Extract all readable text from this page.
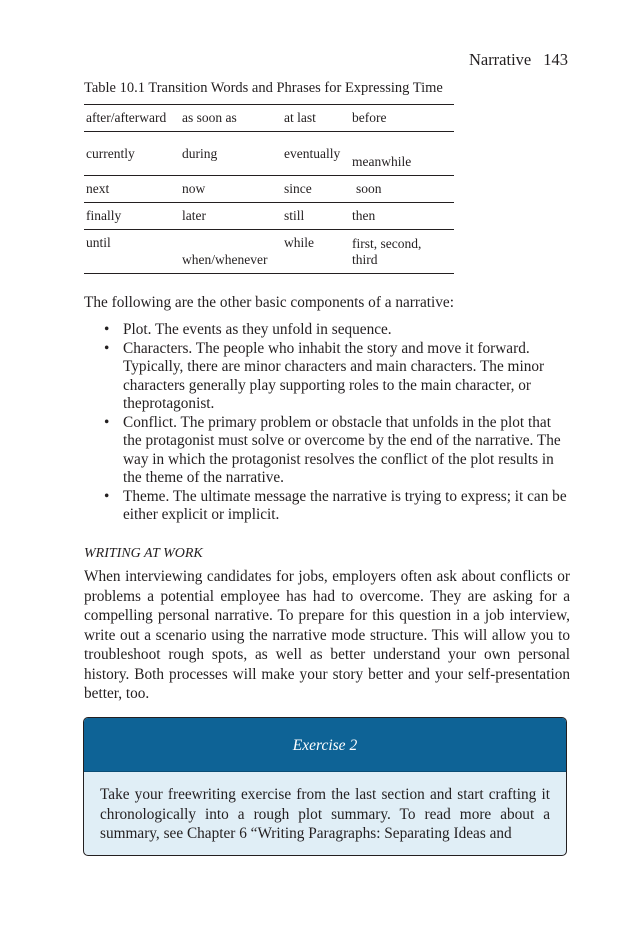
Narrative 143
Table 10.1 Transition Words and Phrases for Expressing Time
after/afterward	as soon as	at last	before
currently	during	eventually	meanwhile
next	now	since	soon
finally	later	still	then
until	when/whenever	while	first, second, third

The following are the other basic components of a narrative:

• Plot. The events as they unfold in sequence.
• Characters. The people who inhabit the story and move it forward. Typically, there are minor characters and main characters. The minor characters generally play supporting roles to the main character, or theprotagonist.
• Conflict. The primary problem or obstacle that unfolds in the plot that the protagonist must solve or overcome by the end of the narrative. The way in which the protagonist resolves the conflict of the plot results in the theme of the narrative.
• Theme. The ultimate message the narrative is trying to express; it can be either explicit or implicit.
WRITING AT WORK

When interviewing candidates for jobs, employers often ask about conflicts or problems a potential employee has had to overcome. They are asking for a compelling personal narrative. To prepare for this question in a job interview, write out a scenario using the narrative mode structure. This will allow you to troubleshoot rough spots, as well as better understand your own personal history. Both processes will make your story better and your self-presentation better, too.

Exercise 2
Take your freewriting exercise from the last section and start crafting it chronologically into a rough plot summary. To read more about a summary, see Chapter 6 “Writing Paragraphs: Separating Ideas and
